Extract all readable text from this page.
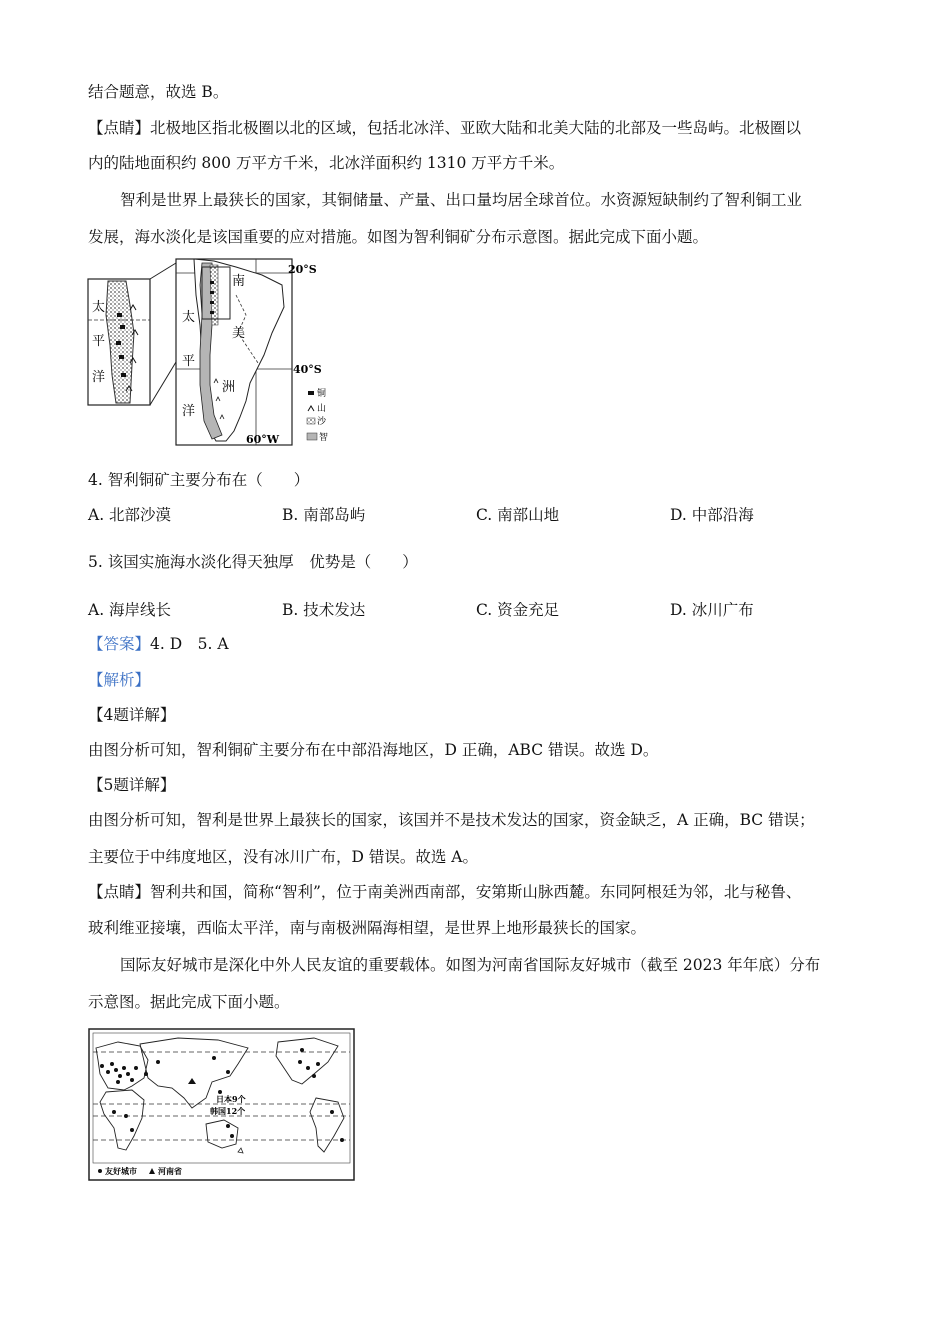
结合题意，故选 B。
【点睛】北极地区指北极圈以北的区域，包括北冰洋、亚欧大陆和北美大陆的北部及一些岛屿。北极圈以
内的陆地面积约 800 万平方千米，北冰洋面积约 1310 万平方千米。
智利是世界上最狭长的国家，其铜储量、产量、出口量均居全球首位。水资源短缺制约了智利铜工业
发展，海水淡化是该国重要的应对措施。如图为智利铜矿分布示意图。据此完成下面小题。
太
平
洋
太
平
洋
南
美
洲
20°S
40°S
60°W
铜
山
沙
智
4. 智利铜矿主要分布在（　　）
A. 北部沙漠	B. 南部岛屿	C. 南部山地	D. 中部沿海
5. 该国实施海水淡化得天独厚　优势是（　　）
A. 海岸线长	B. 技术发达	C. 资金充足	D. 冰川广布
【答案】4. D　5. A
【解析】
【4题详解】
由图分析可知，智利铜矿主要分布在中部沿海地区，D 正确，ABC 错误。故选 D。
【5题详解】
由图分析可知，智利是世界上最狭长的国家，该国并不是技术发达的国家，资金缺乏，A 正确，BC 错误；
主要位于中纬度地区，没有冰川广布，D 错误。故选 A。
【点睛】智利共和国，简称“智利”，位于南美洲西南部，安第斯山脉西麓。东同阿根廷为邻，北与秘鲁、
玻利维亚接壤，西临太平洋，南与南极洲隔海相望，是世界上地形最狭长的国家。
国际友好城市是深化中外人民友谊的重要载体。如图为河南省国际友好城市（截至 2023 年年底）分布
示意图。据此完成下面小题。
日本9个
韩国12个
友好城市	河南省
